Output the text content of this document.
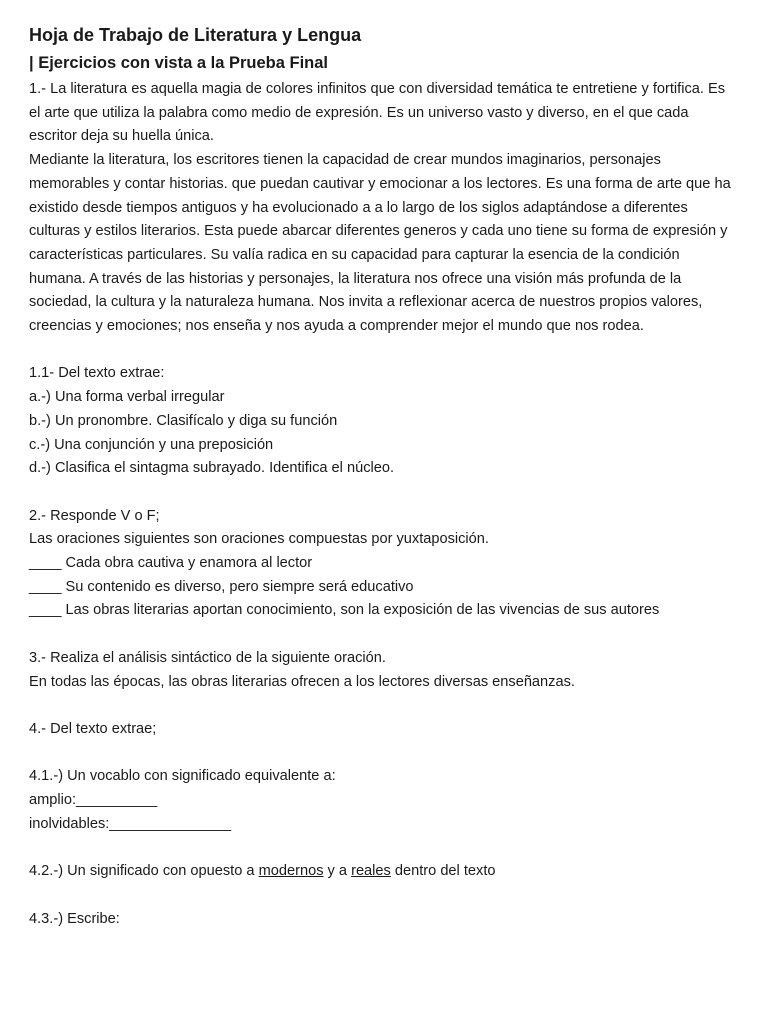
Hoja de Trabajo de Literatura y Lengua
| Ejercicios con vista a la Prueba Final

1.- La literatura es aquella magia de colores infinitos que con diversidad temática te entretiene y fortifica. Es el arte que utiliza la palabra como medio de expresión. Es un universo vasto y diverso, en el que cada escritor deja su huella única.

Mediante la literatura, los escritores tienen la capacidad de crear mundos imaginarios, personajes memorables y contar historias. que puedan cautivar y emocionar a los lectores. Es una forma de arte que ha existido desde tiempos antiguos y ha evolucionado a a lo largo de los siglos adaptándose a diferentes culturas y estilos literarios. Esta puede abarcar diferentes generos y cada uno tiene su forma de expresión y características particulares. Su valía radica en su capacidad para capturar la esencia de la condición humana. A través de las historias y personajes, la literatura nos ofrece una visión más profunda de la sociedad, la cultura y la naturaleza humana. Nos invita a reflexionar acerca de nuestros propios valores, creencias y emociones; nos enseña y nos ayuda a comprender mejor el mundo que nos rodea.

1.1- Del texto extrae:

a.-) Una forma verbal irregular

b.-) Un pronombre. Clasifícalo y diga su función

c.-) Una conjunción y una preposición

d.-) Clasifica el sintagma subrayado. Identifica el núcleo.

2.- Responde V o F;

Las oraciones siguientes son oraciones compuestas por yuxtaposición.

____ Cada obra cautiva y enamora al lector

____ Su contenido es diverso, pero siempre será educativo

____ Las obras literarias aportan conocimiento, son la exposición de las vivencias de sus autores

3.- Realiza el análisis sintáctico de la siguiente oración.

En todas las épocas, las obras literarias ofrecen a los lectores diversas enseñanzas.

4.- Del texto extrae;

4.1.-) Un vocablo con significado equivalente a:

amplio:__________

inolvidables:_______________

4.2.-) Un significado con opuesto a modernos y a reales dentro del texto

4.3.-) Escribe:
